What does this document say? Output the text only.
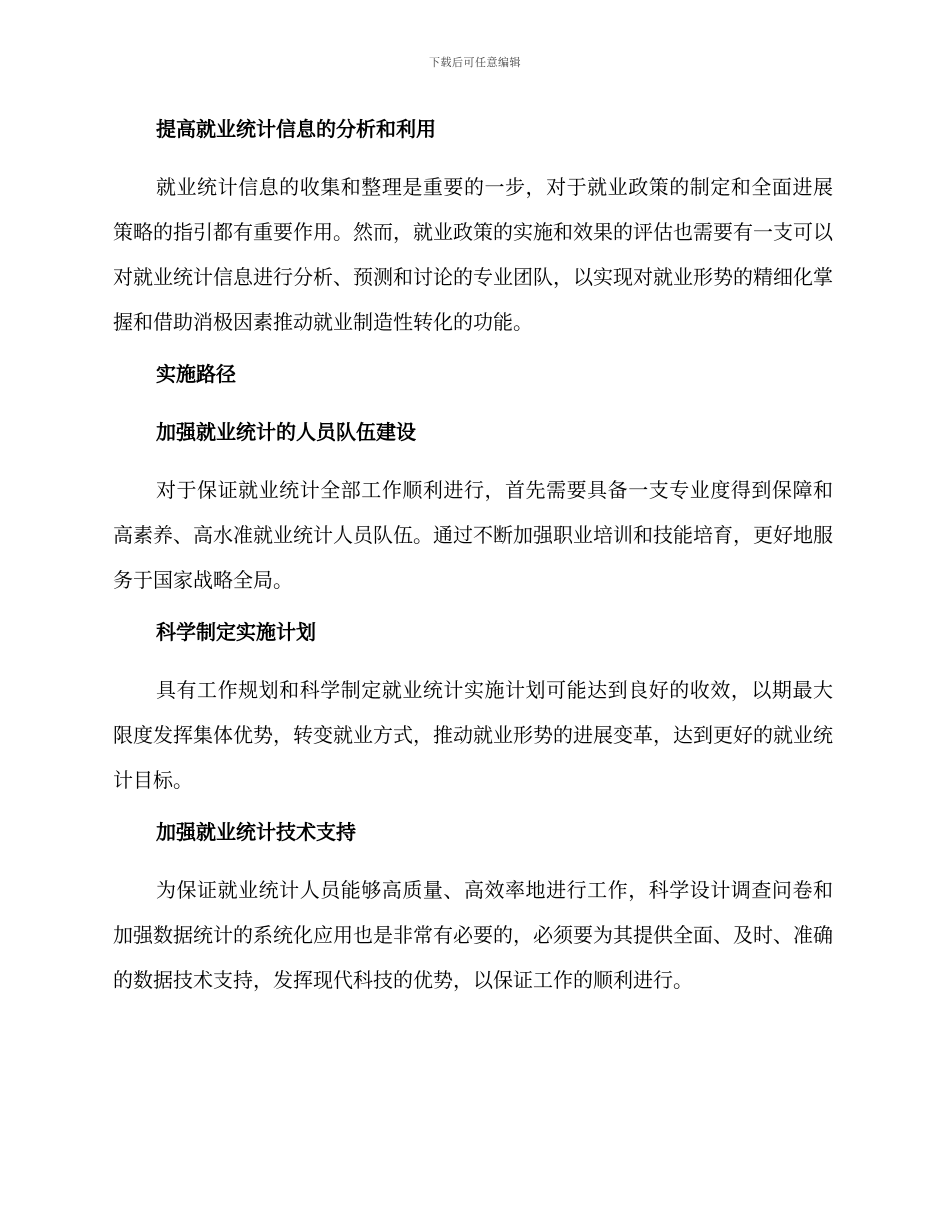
下载后可任意编辑
提高就业统计信息的分析和利用

就业统计信息的收集和整理是重要的一步，对于就业政策的制定和全面进展策略的指引都有重要作用。然而，就业政策的实施和效果的评估也需要有一支可以对就业统计信息进行分析、预测和讨论的专业团队，以实现对就业形势的精细化掌握和借助消极因素推动就业制造性转化的功能。

实施路径
加强就业统计的人员队伍建设

对于保证就业统计全部工作顺利进行，首先需要具备一支专业度得到保障和高素养、高水准就业统计人员队伍。通过不断加强职业培训和技能培育，更好地服务于国家战略全局。

科学制定实施计划

具有工作规划和科学制定就业统计实施计划可能达到良好的收效，以期最大限度发挥集体优势，转变就业方式，推动就业形势的进展变革，达到更好的就业统计目标。

加强就业统计技术支持

为保证就业统计人员能够高质量、高效率地进行工作，科学设计调查问卷和加强数据统计的系统化应用也是非常有必要的，必须要为其提供全面、及时、准确的数据技术支持，发挥现代科技的优势，以保证工作的顺利进行。
